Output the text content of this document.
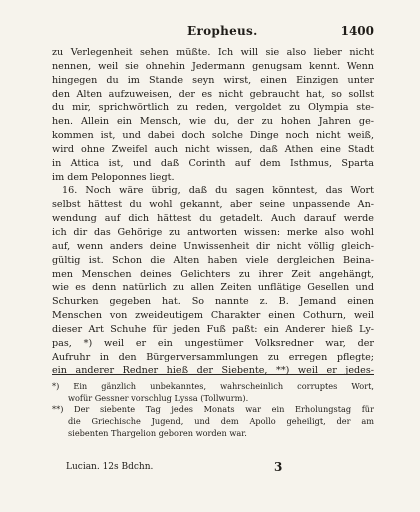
Eropheus.	1400
zu Verlegenheit sehen müßte. Ich will sie also lieber nicht
nennen, weil sie ohnehin Jedermann genugsam kennt. Wenn
hingegen du im Stande seyn wirst, einen Einzigen unter
den Alten aufzuweisen, der es nicht gebraucht hat, so sollst
du mir, sprichwörtlich zu reden, vergoldet zu Olympia ste-
hen. Allein ein Mensch, wie du, der zu hohen Jahren ge-
kommen ist, und dabei doch solche Dinge noch nicht weiß,
wird ohne Zweifel auch nicht wissen, daß Athen eine Stadt
in Attica ist, und daß Corinth auf dem Isthmus, Sparta
im dem Peloponnes liegt.
16. Noch wäre übrig, daß du sagen könntest, das Wort
selbst hättest du wohl gekannt, aber seine unpassende An-
wendung auf dich hättest du getadelt. Auch darauf werde
ich dir das Gehörige zu antworten wissen: merke also wohl
auf, wenn anders deine Unwissenheit dir nicht völlig gleich-
gültig ist. Schon die Alten haben viele dergleichen Beina-
men Menschen deines Gelichters zu ihrer Zeit angehängt,
wie es denn natürlich zu allen Zeiten unflätige Gesellen und
Schurken gegeben hat. So nannte z. B. Jemand einen
Menschen von zweideutigem Charakter einen Cothurn, weil
dieser Art Schuhe für jeden Fuß paßt: ein Anderer hieß Ly-
pas, *) weil er ein ungestümer Volksredner war, der
Aufruhr in den Bürgerversammlungen zu erregen pflegte;
ein anderer Redner hieß der Siebente, **) weil er jedes-
*) Ein gänzlich unbekanntes, wahrscheinlich corruptes Wort,
wofür Gessner vorschlug Lyssa (Tollwurm).
**) Der siebente Tag jedes Monats war ein Erholungstag für
die Griechische Jugend, und dem Apollo geheiligt, der am
siebenten Thargelion geboren worden war.
Lucian. 12s Bdchn.	3
